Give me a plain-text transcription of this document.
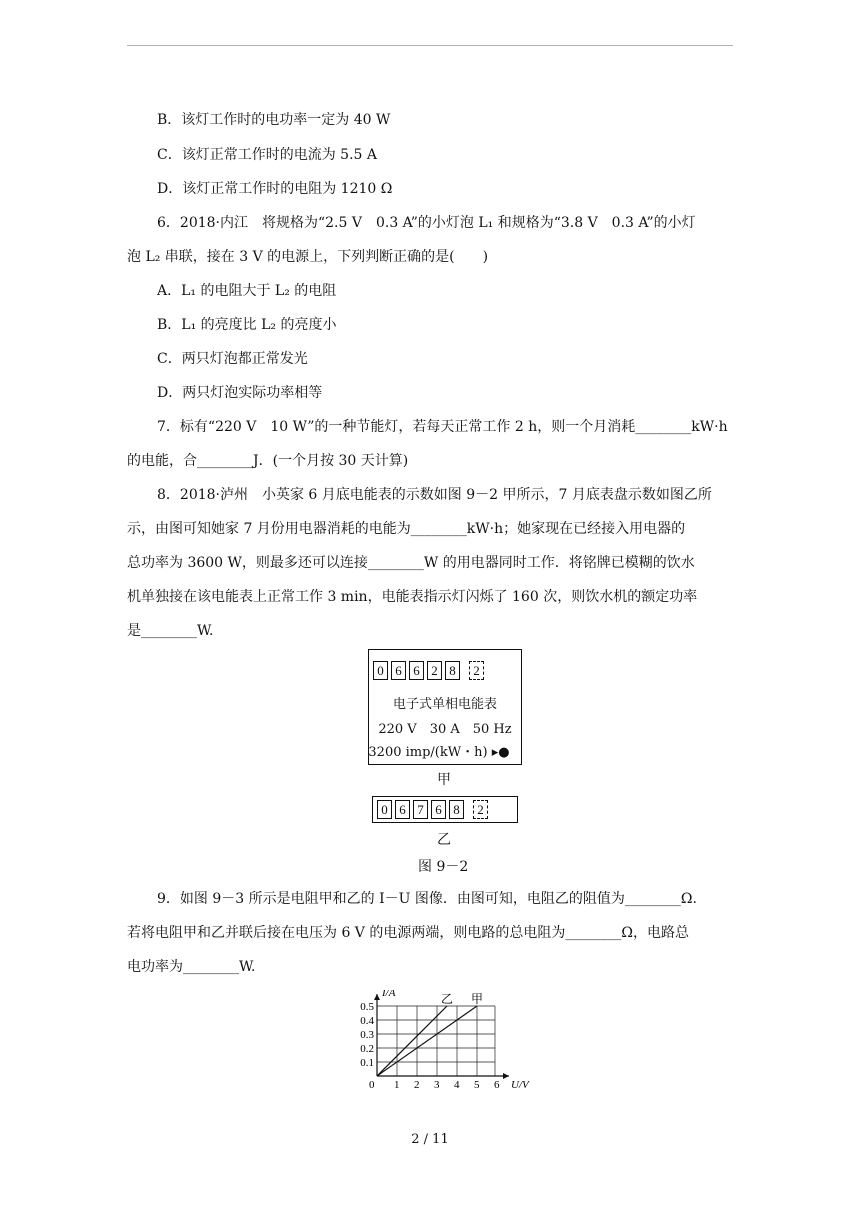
B．该灯工作时的电功率一定为 40 W
C．该灯正常工作时的电流为 5.5 A
D．该灯正常工作时的电阻为 1210 Ω
6．2018·内江　将规格为“2.5 V　0.3 A”的小灯泡 L₁ 和规格为“3.8 V　0.3 A”的小灯
泡 L₂ 串联，接在 3 V 的电源上，下列判断正确的是(　　)
A．L₁ 的电阻大于 L₂ 的电阻
B．L₁ 的亮度比 L₂ 的亮度小
C．两只灯泡都正常发光
D．两只灯泡实际功率相等
7．标有“220 V　10 W”的一种节能灯，若每天正常工作 2 h，则一个月消耗________kW·h
的电能，合________J．(一个月按 30 天计算)
8．2018·泸州　小英家 6 月底电能表的示数如图 9－2 甲所示，7 月底表盘示数如图乙所
示，由图可知她家 7 月份用电器消耗的电能为________kW·h；她家现在已经接入用电器的
总功率为 3600 W，则最多还可以连接________W 的用电器同时工作．将铭牌已模糊的饮水
机单独接在该电能表上正常工作 3 min，电能表指示灯闪烁了 160 次，则饮水机的额定功率
是________W.
0 6 6 2 8	2
电子式单相电能表
220 V　30 A　50 Hz
3200 imp/(kW・h) ▸●
甲
0 6 7 6 8	2
乙
图 9－2
9．如图 9－3 所示是电阻甲和乙的 I－U 图像．由图可知，电阻乙的阻值为________Ω.
若将电阻甲和乙并联后接在电压为 6 V 的电源两端，则电路的总电阻为________Ω，电路总
电功率为________W.
0 1 2 3 4 5 6
0.1
0.2
0.3
0.4
0.5
U/V
I/A	甲
乙
2 / 11
